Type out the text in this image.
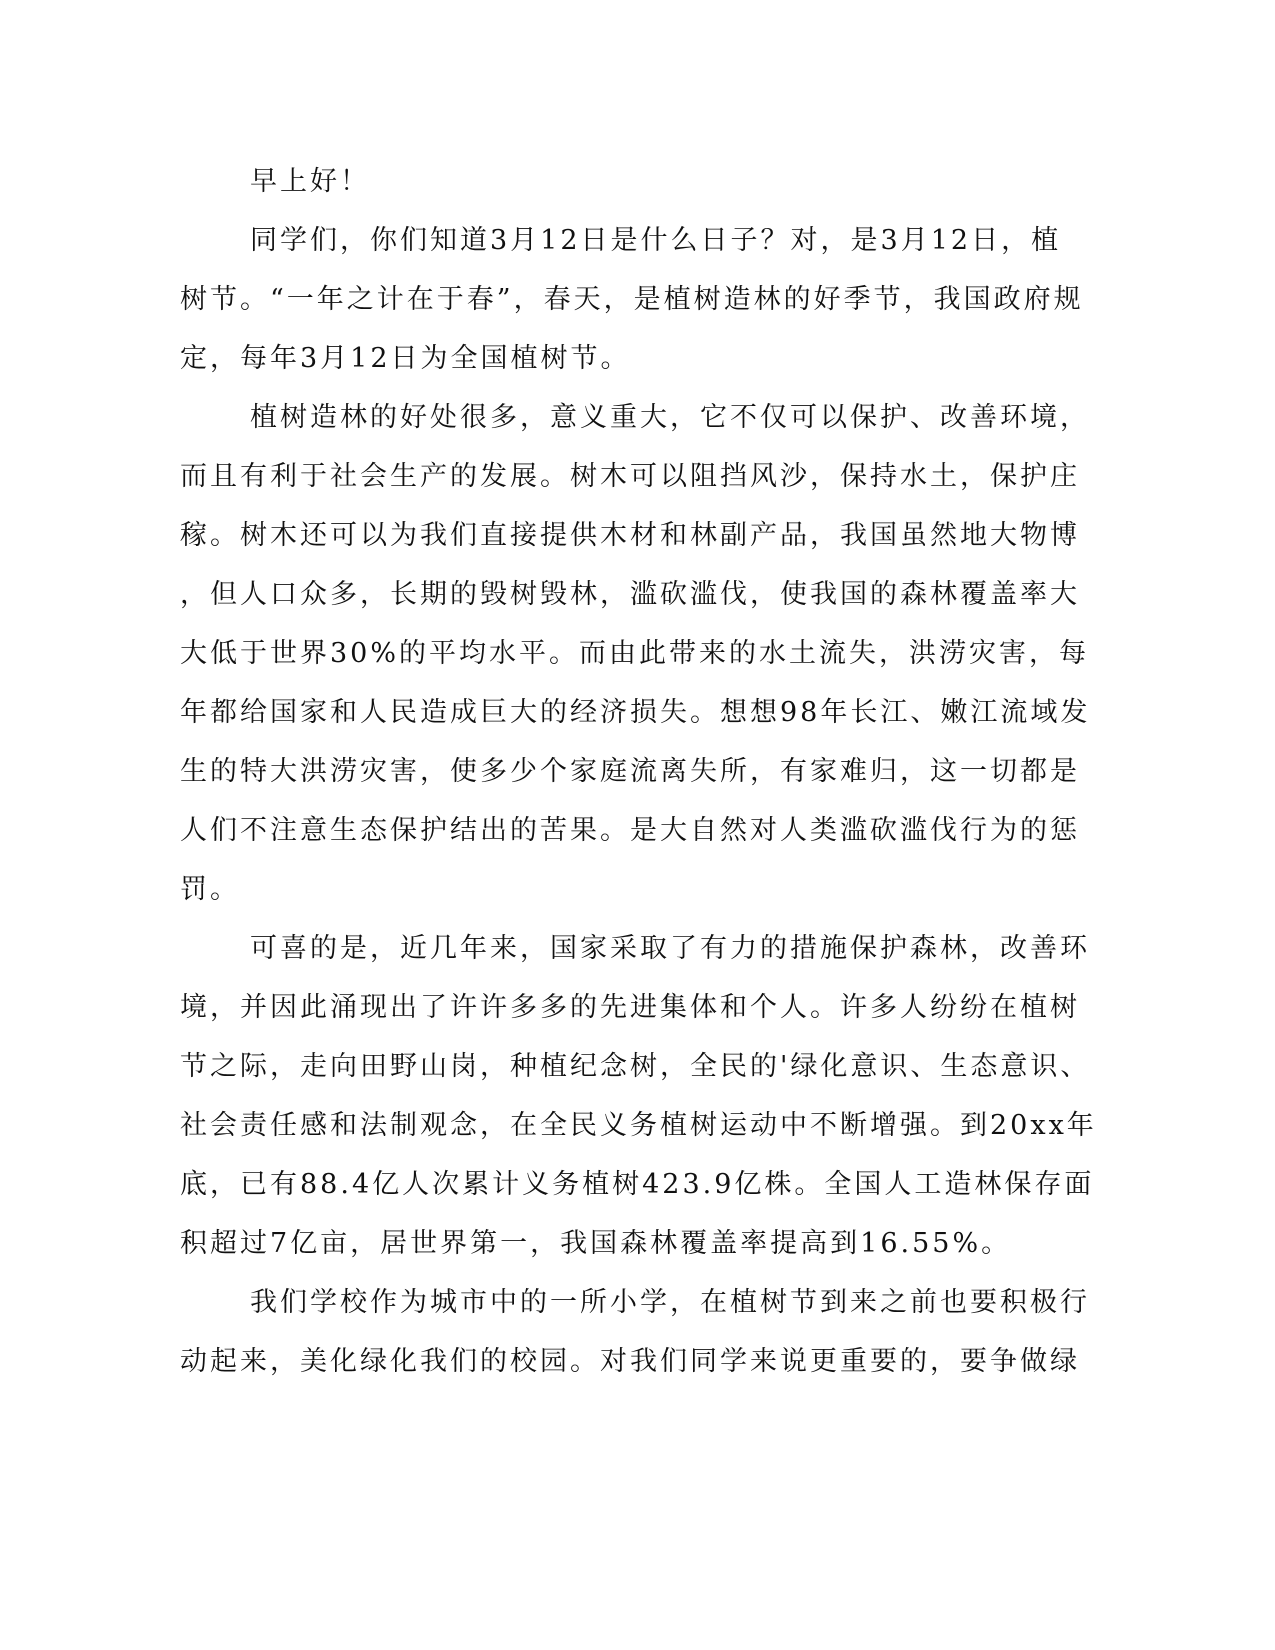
早上好！
同学们，你们知道3月12日是什么日子？对，是3月12日，植
树节。“一年之计在于春”，春天，是植树造林的好季节，我国政府规
定，每年3月12日为全国植树节。
植树造林的好处很多，意义重大，它不仅可以保护、改善环境，
而且有利于社会生产的发展。树木可以阻挡风沙，保持水土，保护庄
稼。树木还可以为我们直接提供木材和林副产品，我国虽然地大物博
，但人口众多，长期的毁树毁林，滥砍滥伐，使我国的森林覆盖率大
大低于世界30%的平均水平。而由此带来的水土流失，洪涝灾害，每
年都给国家和人民造成巨大的经济损失。想想98年长江、嫩江流域发
生的特大洪涝灾害，使多少个家庭流离失所，有家难归，这一切都是
人们不注意生态保护结出的苦果。是大自然对人类滥砍滥伐行为的惩
罚。
可喜的是，近几年来，国家采取了有力的措施保护森林，改善环
境，并因此涌现出了许许多多的先进集体和个人。许多人纷纷在植树
节之际，走向田野山岗，种植纪念树，全民的'绿化意识、生态意识、
社会责任感和法制观念，在全民义务植树运动中不断增强。到20xx年
底，已有88.4亿人次累计义务植树423.9亿株。全国人工造林保存面
积超过7亿亩，居世界第一，我国森林覆盖率提高到16.55%。
我们学校作为城市中的一所小学，在植树节到来之前也要积极行
动起来，美化绿化我们的校园。对我们同学来说更重要的，要争做绿
